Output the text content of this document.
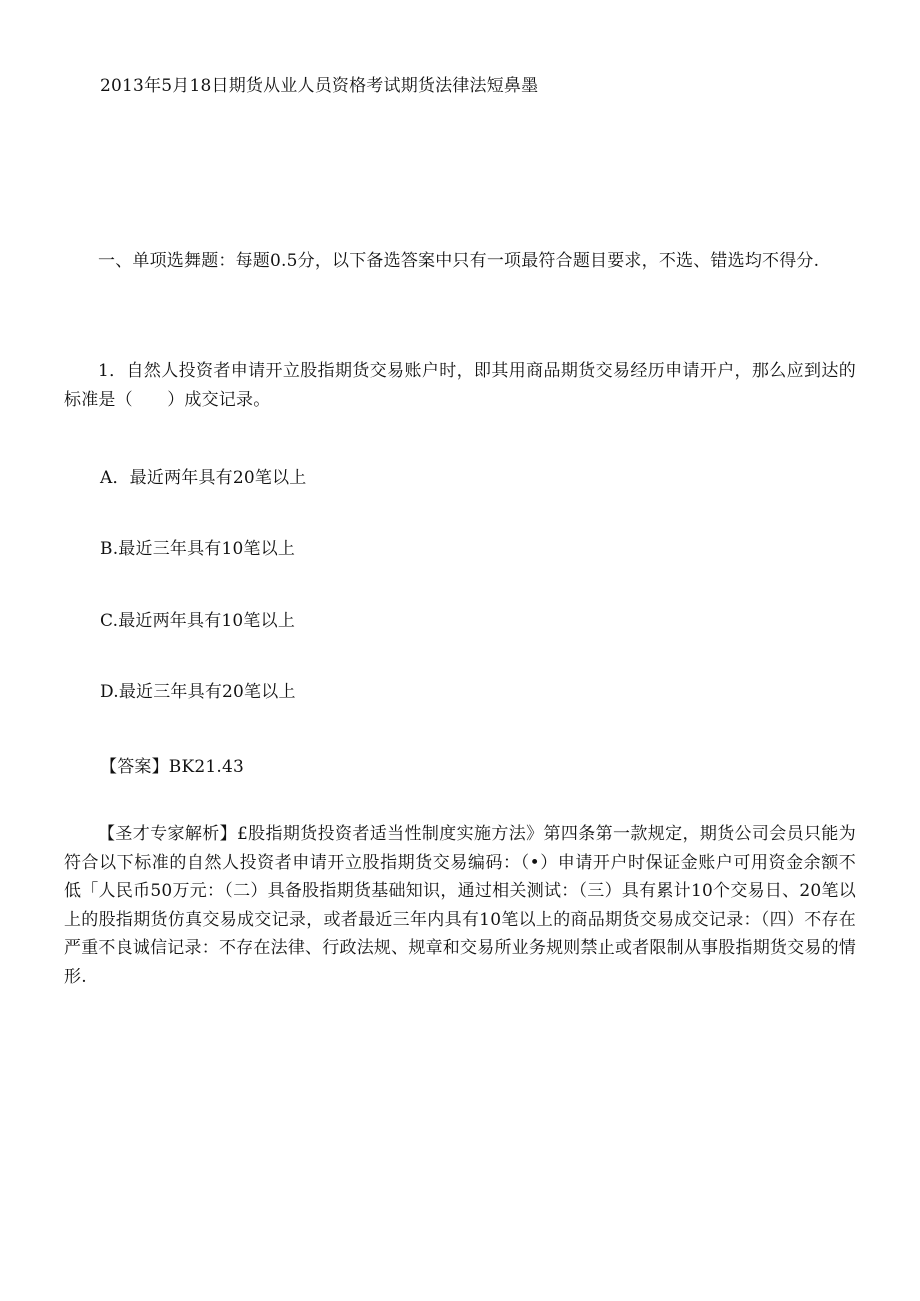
2013年5月18日期货从业人员资格考试期货法律法短鼻墨
一、单项选舞题：每题0.5分，以下备选答案中只有一项最符合题目要求，不选、错选均不得分.
1．自然人投资者申请开立股指期货交易账户时，即其用商品期货交易经历申请开户，那么应到达的标准是（　　）成交记录。
A．最近两年具有20笔以上
B.最近三年具有10笔以上
C.最近两年具有10笔以上
D.最近三年具有20笔以上
【答案】BK21.43
【圣才专家解析】£股指期货投资者适当性制度实施方法》第四条第一款规定，期货公司会员只能为符合以下标准的自然人投资者申请开立股指期货交易编码：（•）申请开户时保证金账户可用资金余额不低「人民币50万元：（二）具备股指期货基础知识，通过相关测试：（三）具有累计10个交易日、20笔以上的股指期货仿真交易成交记录，或者最近三年内具有10笔以上的商品期货交易成交记录：（四）不存在严重不良诚信记录：不存在法律、行政法规、规章和交易所业务规则禁止或者限制从事股指期货交易的情形.
